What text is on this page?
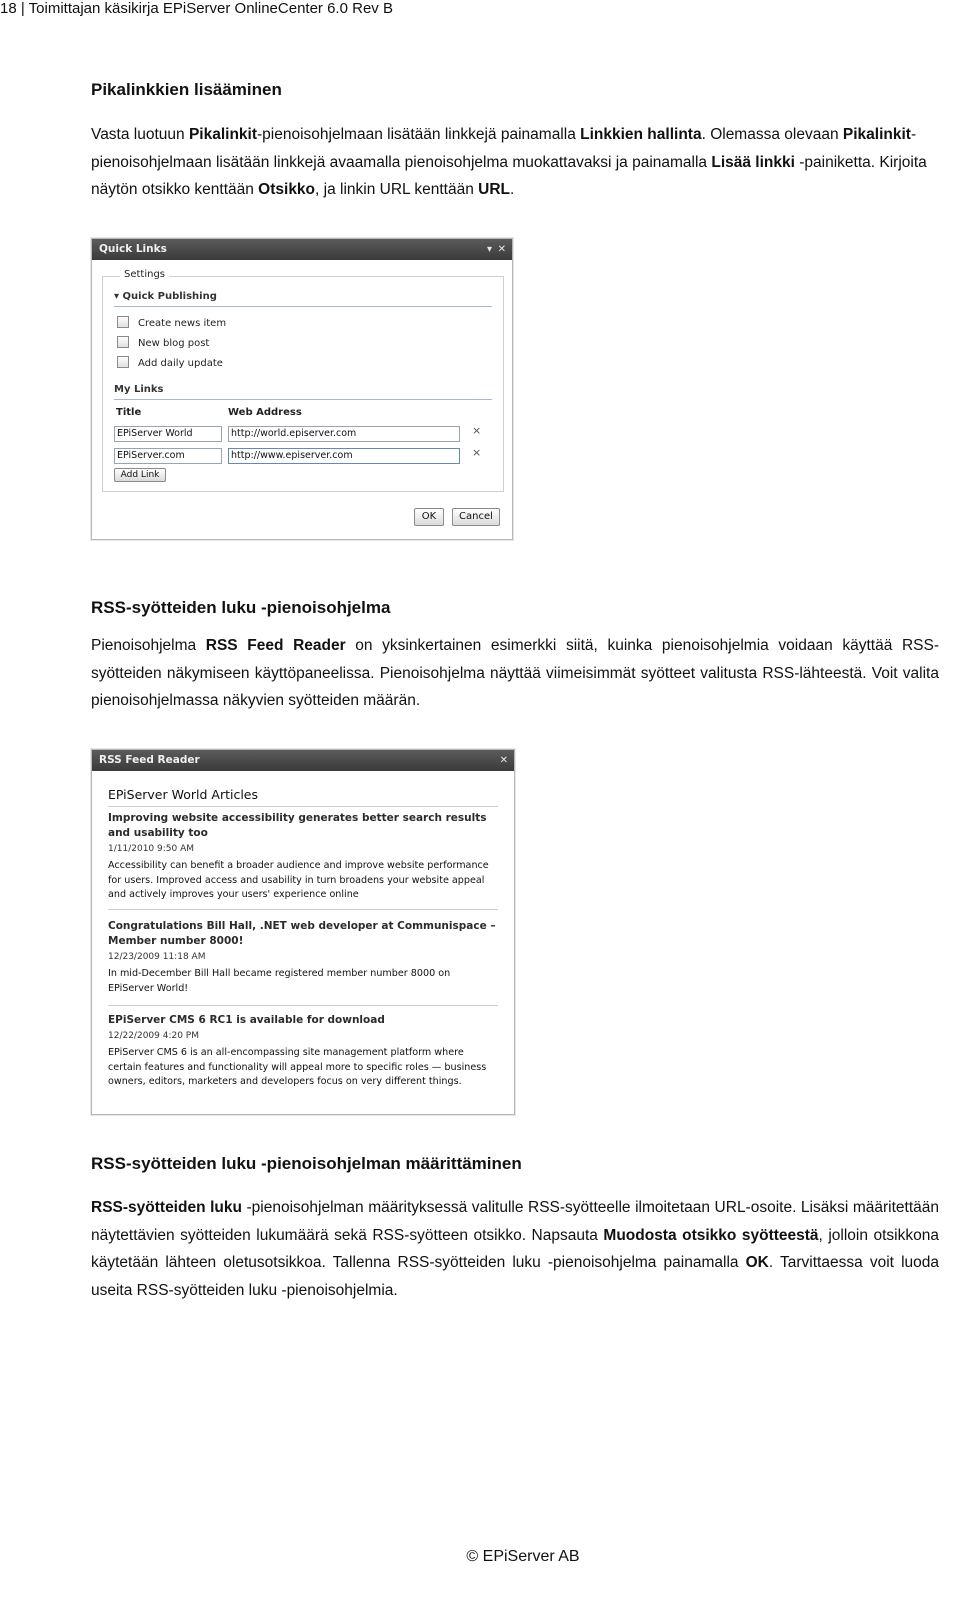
18 | Toimittajan käsikirja EPiServer OnlineCenter 6.0 Rev B
Pikalinkkien lisääminen
Vasta luotuun Pikalinkit-pienoisohjelmaan lisätään linkkejä painamalla Linkkien hallinta. Olemassa olevaan Pikalinkit-pienoisohjelmaan lisätään linkkejä avaamalla pienoisohjelma muokattavaksi ja painamalla Lisää linkki -painiketta. Kirjoita näytön otsikko kenttään Otsikko, ja linkin URL kenttään URL.
Quick Links	▾ ✕
Settings
▾ Quick Publishing
Create news item
New blog post
Add daily update
My Links
Title	Web Address
EPiServer World	http://world.episerver.com	×
EPiServer.com	http://www.episerver.com	×
Add Link
OK	Cancel
RSS-syötteiden luku -pienoisohjelma
Pienoisohjelma RSS Feed Reader on yksinkertainen esimerkki siitä, kuinka pienoisohjelmia voidaan käyttää RSS-syötteiden näkymiseen käyttöpaneelissa. Pienoisohjelma näyttää viimeisimmät syötteet valitusta RSS-lähteestä. Voit valita pienoisohjelmassa näkyvien syötteiden määrän.
RSS Feed Reader	✕
EPiServer World Articles
Improving website accessibility generates better search results and usability too
1/11/2010 9:50 AM
Accessibility can benefit a broader audience and improve website performance for users. Improved access and usability in turn broadens your website appeal and actively improves your users' experience online
Congratulations Bill Hall, .NET web developer at Communispace – Member number 8000!
12/23/2009 11:18 AM
In mid-December Bill Hall became registered member number 8000 on EPiServer World!
EPiServer CMS 6 RC1 is available for download
12/22/2009 4:20 PM
EPiServer CMS 6 is an all-encompassing site management platform where certain features and functionality will appeal more to specific roles — business owners, editors, marketers and developers focus on very different things.
RSS-syötteiden luku -pienoisohjelman määrittäminen
RSS-syötteiden luku -pienoisohjelman määrityksessä valitulle RSS-syötteelle ilmoitetaan URL-osoite. Lisäksi määritettään näytettävien syötteiden lukumäärä sekä RSS-syötteen otsikko. Napsauta Muodosta otsikko syötteestä, jolloin otsikkona käytetään lähteen oletusotsikkoa. Tallenna RSS-syötteiden luku -pienoisohjelma painamalla OK. Tarvittaessa voit luoda useita RSS-syötteiden luku -pienoisohjelmia.
© EPiServer AB
